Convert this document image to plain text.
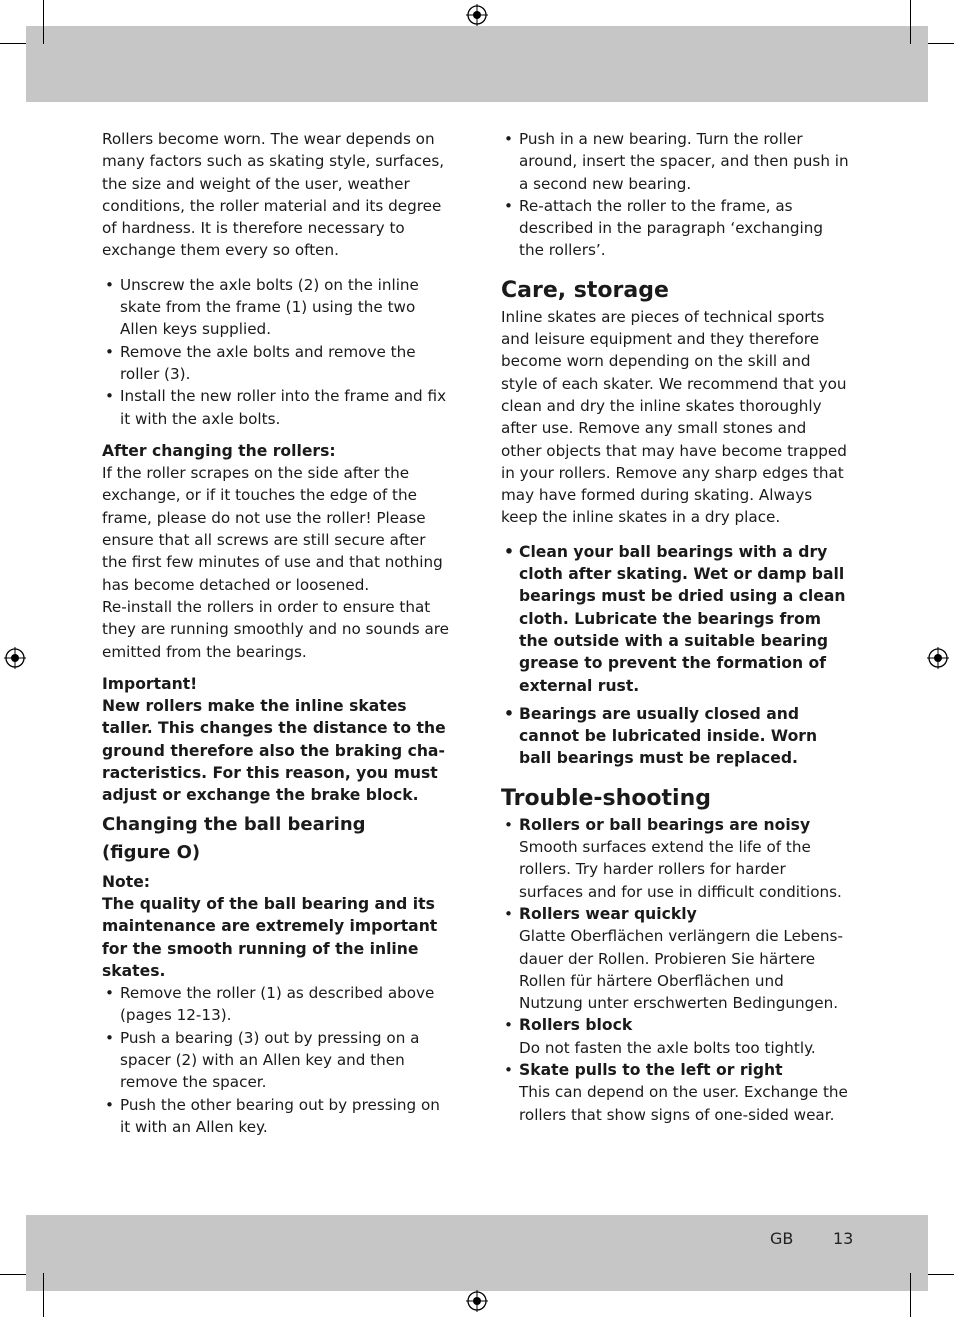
GB 13

Rollers become worn. The wear depends on many factors such as skating style, surfaces, the size and weight of the user, weather conditions, the roller material and its degree of hardness. It is therefore necessary to exchange them every so often.

• Unscrew the axle bolts (2) on the inline skate from the frame (1) using the two Allen keys supplied.
• Remove the axle bolts and remove the roller (3).
• Install the new roller into the frame and fix it with the axle bolts.

After changing the rollers:

If the roller scrapes on the side after the exchange, or if it touches the edge of the frame, please do not use the roller! Please ensure that all screws are still secure after the first few minutes of use and that nothing has become detached or loosened.

Re-install the rollers in order to ensure that they are running smoothly and no sounds are emitted from the bearings.

Important!

New rollers make the inline skates taller. This changes the distance to the ground therefore also the braking cha-racteristics. For this reason, you must adjust or exchange the brake block.

Changing the ball bearing
(figure O)

Note:

The quality of the ball bearing and its maintenance are extremely important for the smooth running of the inline skates.

• Remove the roller (1) as described above (pages 12-13).
• Push a bearing (3) out by pressing on a spacer (2) with an Allen key and then remove the spacer.
• Push the other bearing out by pressing on it with an Allen key.
• Push in a new bearing. Turn the roller around, insert the spacer, and then push in a second new bearing.
• Re-attach the roller to the frame, as described in the paragraph ‘exchanging the rollers’.
Care, storage

Inline skates are pieces of technical sports and leisure equipment and they therefore become worn depending on the skill and style of each skater. We recommend that you clean and dry the inline skates thoroughly after use. Remove any small stones and other objects that may have become trapped in your rollers. Remove any sharp edges that may have formed during skating. Always keep the inline skates in a dry place.

• Clean your ball bearings with a dry cloth after skating. Wet or damp ball bearings must be dried using a clean cloth. Lubricate the bearings from the outside with a suitable bearing grease to prevent the formation of external rust.
• Bearings are usually closed and cannot be lubricated inside. Worn ball bearings must be replaced.
Trouble-shooting
• Rollers or ball bearings are noisy
Smooth surfaces extend the life of the rollers. Try harder rollers for harder surfaces and for use in difficult conditions.
• Rollers wear quickly
Glatte Oberflächen verlängern die Lebens-dauer der Rollen. Probieren Sie härtere Rollen für härtere Oberflächen und Nutzung unter erschwerten Bedingungen.
• Rollers block
Do not fasten the axle bolts too tightly.
• Skate pulls to the left or right
This can depend on the user. Exchange the rollers that show signs of one-sided wear.
